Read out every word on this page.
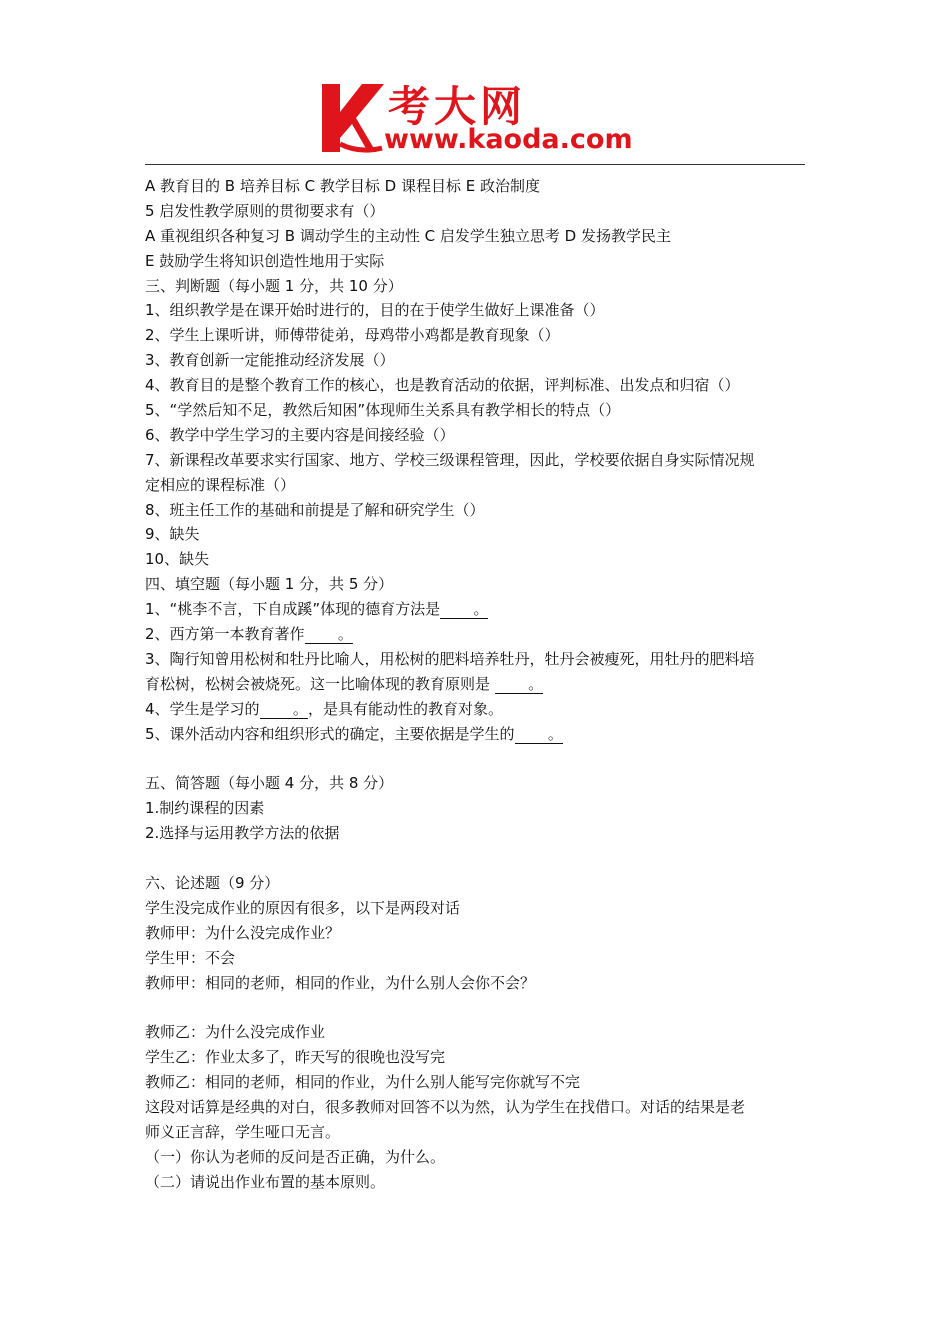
考大网
www.kaoda.com
A 教育目的 B 培养目标 C 教学目标 D 课程目标 E 政治制度
5 启发性教学原则的贯彻要求有（）
A 重视组织各种复习 B 调动学生的主动性 C 启发学生独立思考 D 发扬教学民主
E 鼓励学生将知识创造性地用于实际
三、判断题（每小题 1 分，共 10 分）
1、组织教学是在课开始时进行的，目的在于使学生做好上课准备（）
2、学生上课听讲，师傅带徒弟，母鸡带小鸡都是教育现象（）
3、教育创新一定能推动经济发展（）
4、教育目的是整个教育工作的核心，也是教育活动的依据，评判标准、出发点和归宿（）
5、“学然后知不足，教然后知困”体现师生关系具有教学相长的特点（）
6、教学中学生学习的主要内容是间接经验（）
7、新课程改革要求实行国家、地方、学校三级课程管理，因此，学校要依据自身实际情况规
定相应的课程标准（）
8、班主任工作的基础和前提是了解和研究学生（）
9、缺失
10、缺失
四、填空题（每小题 1 分，共 5 分）
1、“桃李不言，下自成蹊”体现的德育方法是       。
2、西方第一本教育著作       。
3、陶行知曾用松树和牡丹比喻人，用松树的肥料培养牡丹，牡丹会被瘦死，用牡丹的肥料培
育松树，松树会被烧死。这一比喻体现的教育原则是        。
4、学生是学习的       。，是具有能动性的教育对象。
5、课外活动内容和组织形式的确定，主要依据是学生的       。
五、简答题（每小题 4 分，共 8 分）
1.制约课程的因素
2.选择与运用教学方法的依据
六、论述题（9 分）
学生没完成作业的原因有很多，以下是两段对话
教师甲：为什么没完成作业？
学生甲：不会
教师甲：相同的老师，相同的作业，为什么别人会你不会？
教师乙：为什么没完成作业
学生乙：作业太多了，昨天写的很晚也没写完
教师乙：相同的老师，相同的作业，为什么别人能写完你就写不完
这段对话算是经典的对白，很多教师对回答不以为然，认为学生在找借口。对话的结果是老
师义正言辞，学生哑口无言。
（一）你认为老师的反问是否正确，为什么。
（二）请说出作业布置的基本原则。
